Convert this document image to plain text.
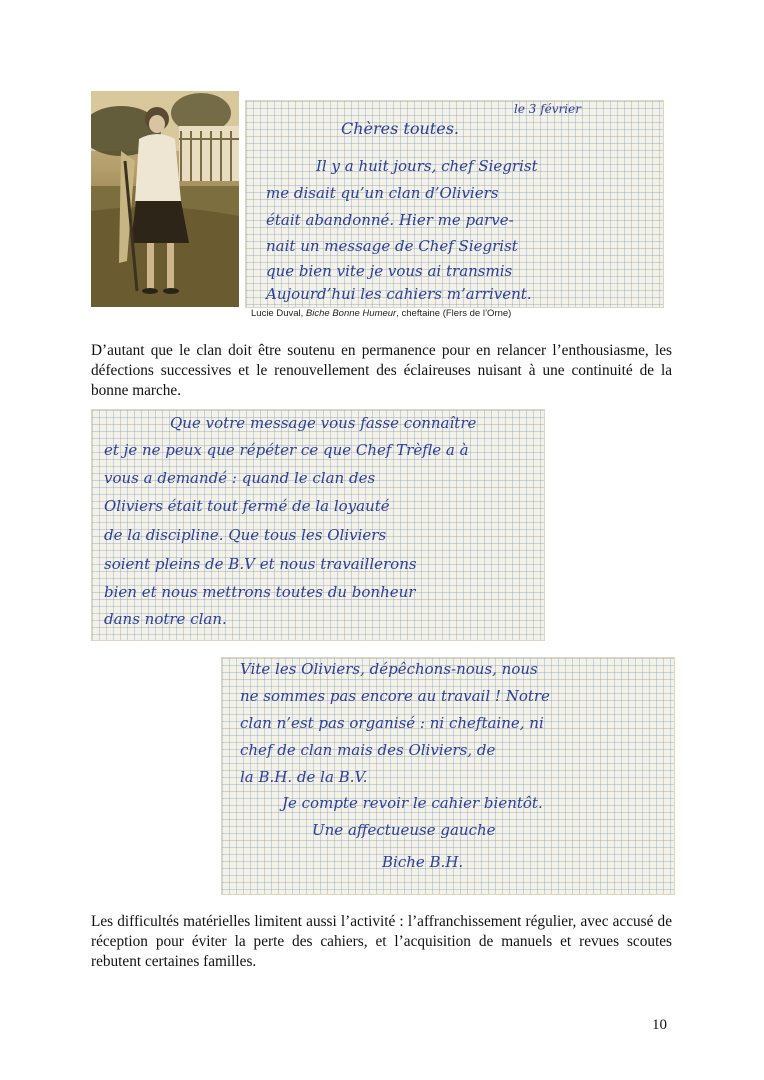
le 3 février

Chères toutes.

Il y a huit jours, chef Siegrist

me disait qu’un clan d’Oliviers

était abandonné. Hier me parve-

nait un message de Chef Siegrist

que bien vite je vous ai transmis

Aujourd’hui les cahiers m’arrivent.

Lucie Duval, Biche Bonne Humeur, cheftaine (Flers de l’Orne)

D’autant que le clan doit être soutenu en permanence pour en relancer l’enthousiasme, les défections successives et le renouvellement des éclaireuses nuisant à une continuité de la bonne marche.

Que votre message vous fasse connaître

et je ne peux que répéter ce que Chef Trèfle a à

vous a demandé : quand le clan des

Oliviers était tout fermé de la loyauté

de la discipline. Que tous les Oliviers

soient pleins de B.V et nous travaillerons

bien et nous mettrons toutes du bonheur

dans notre clan.

Vite les Oliviers, dépêchons-nous, nous

ne sommes pas encore au travail ! Notre

clan n’est pas organisé : ni cheftaine, ni

chef de clan mais des Oliviers, de

la B.H. de la B.V.

Je compte revoir le cahier bientôt.

Une affectueuse gauche

Biche B.H.

Les difficultés matérielles limitent aussi l’activité : l’affranchissement régulier, avec accusé de réception pour éviter la perte des cahiers, et l’acquisition de manuels et revues scoutes rebutent certaines familles.

10
